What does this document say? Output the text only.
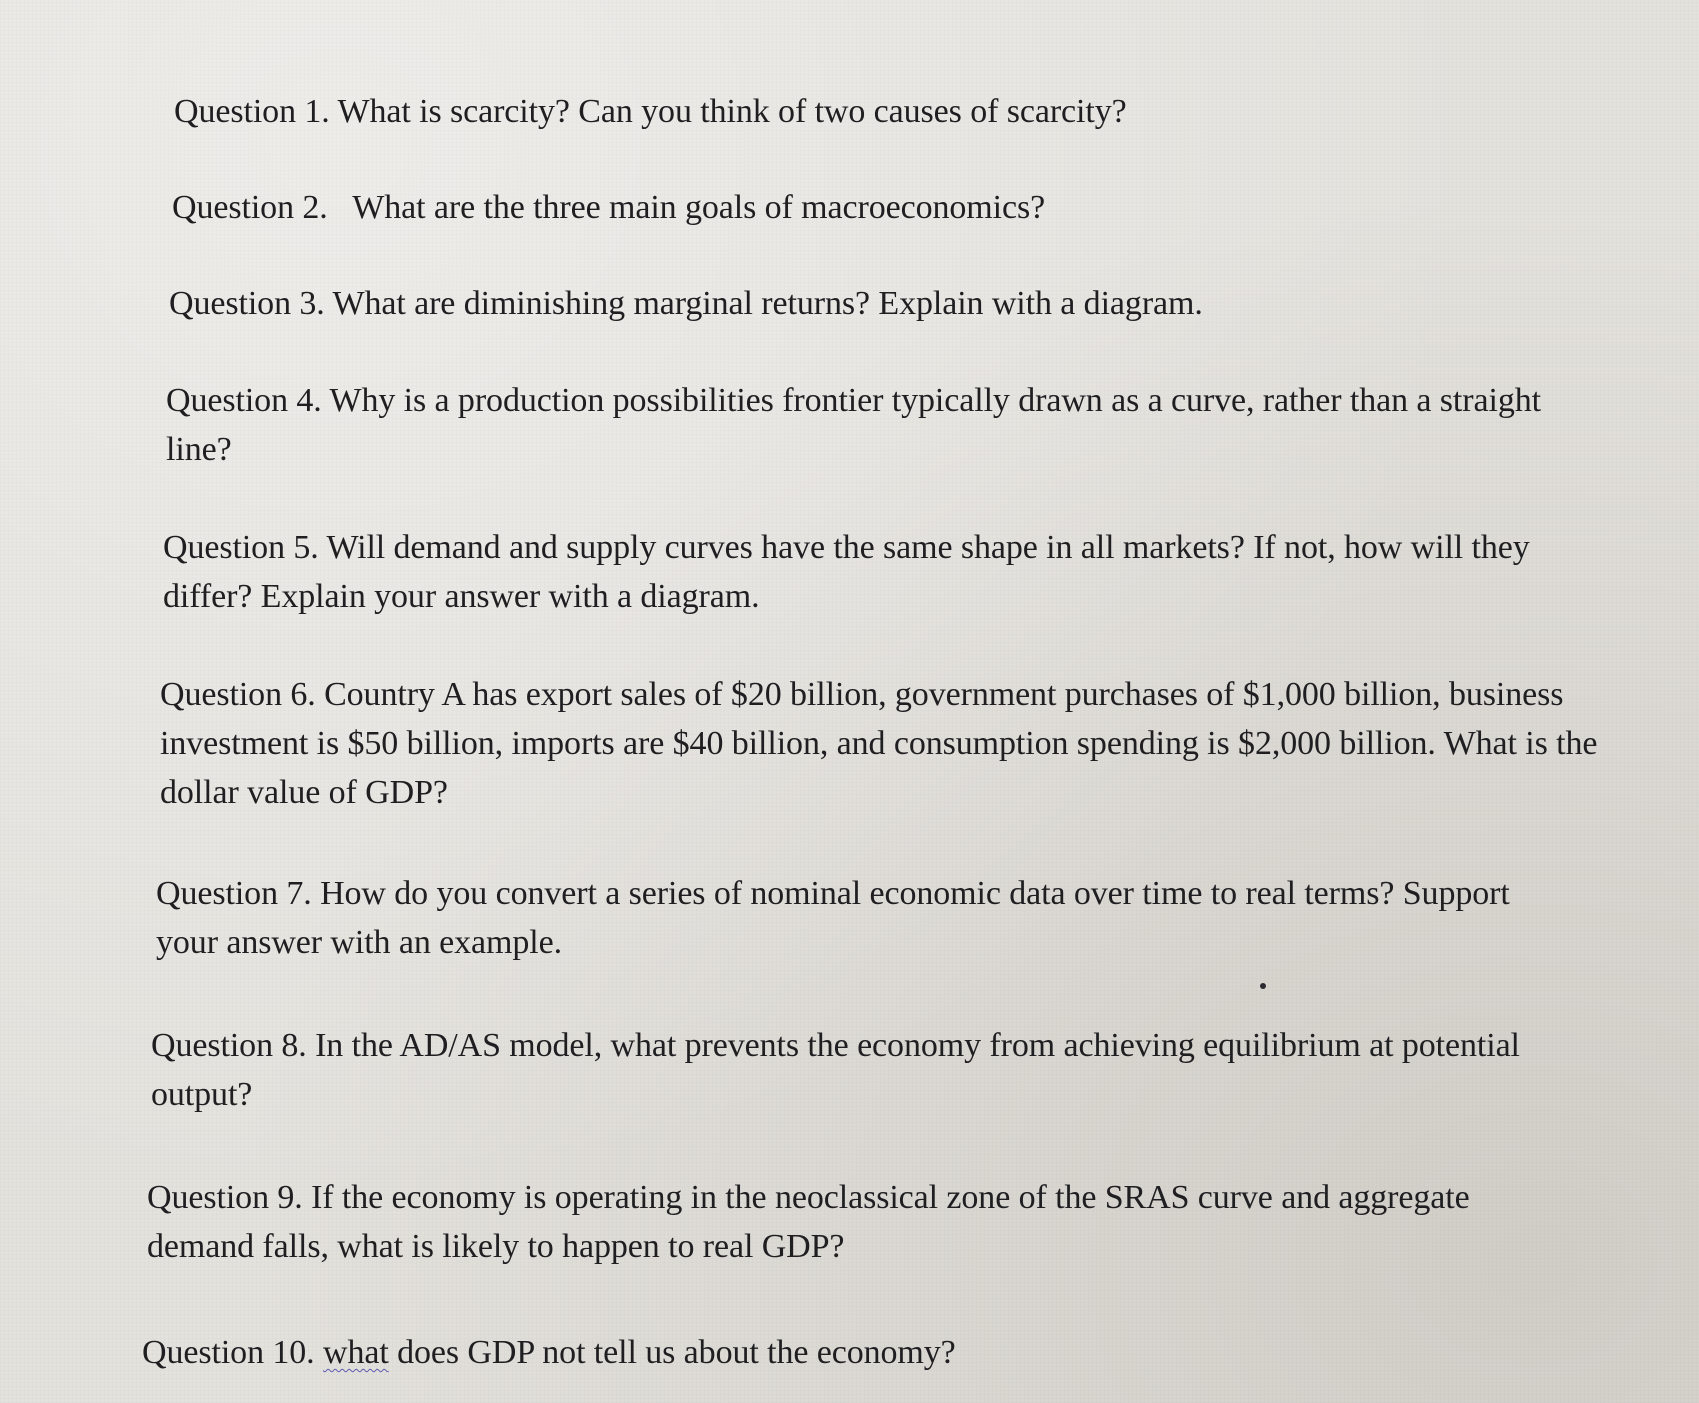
Question 1. What is scarcity? Can you think of two causes of scarcity?

Question 2. What are the three main goals of macroeconomics?

Question 3. What are diminishing marginal returns? Explain with a diagram.

Question 4. Why is a production possibilities frontier typically drawn as a curve, rather than a straight line?

Question 5. Will demand and supply curves have the same shape in all markets? If not, how will they differ? Explain your answer with a diagram.

Question 6. Country A has export sales of $20 billion, government purchases of $1,000 billion, business investment is $50 billion, imports are $40 billion, and consumption spending is $2,000 billion. What is the dollar value of GDP?

Question 7. How do you convert a series of nominal economic data over time to real terms? Support your answer with an example.

Question 8. In the AD/AS model, what prevents the economy from achieving equilibrium at potential output?

Question 9. If the economy is operating in the neoclassical zone of the SRAS curve and aggregate demand falls, what is likely to happen to real GDP?

Question 10. what does GDP not tell us about the economy?
